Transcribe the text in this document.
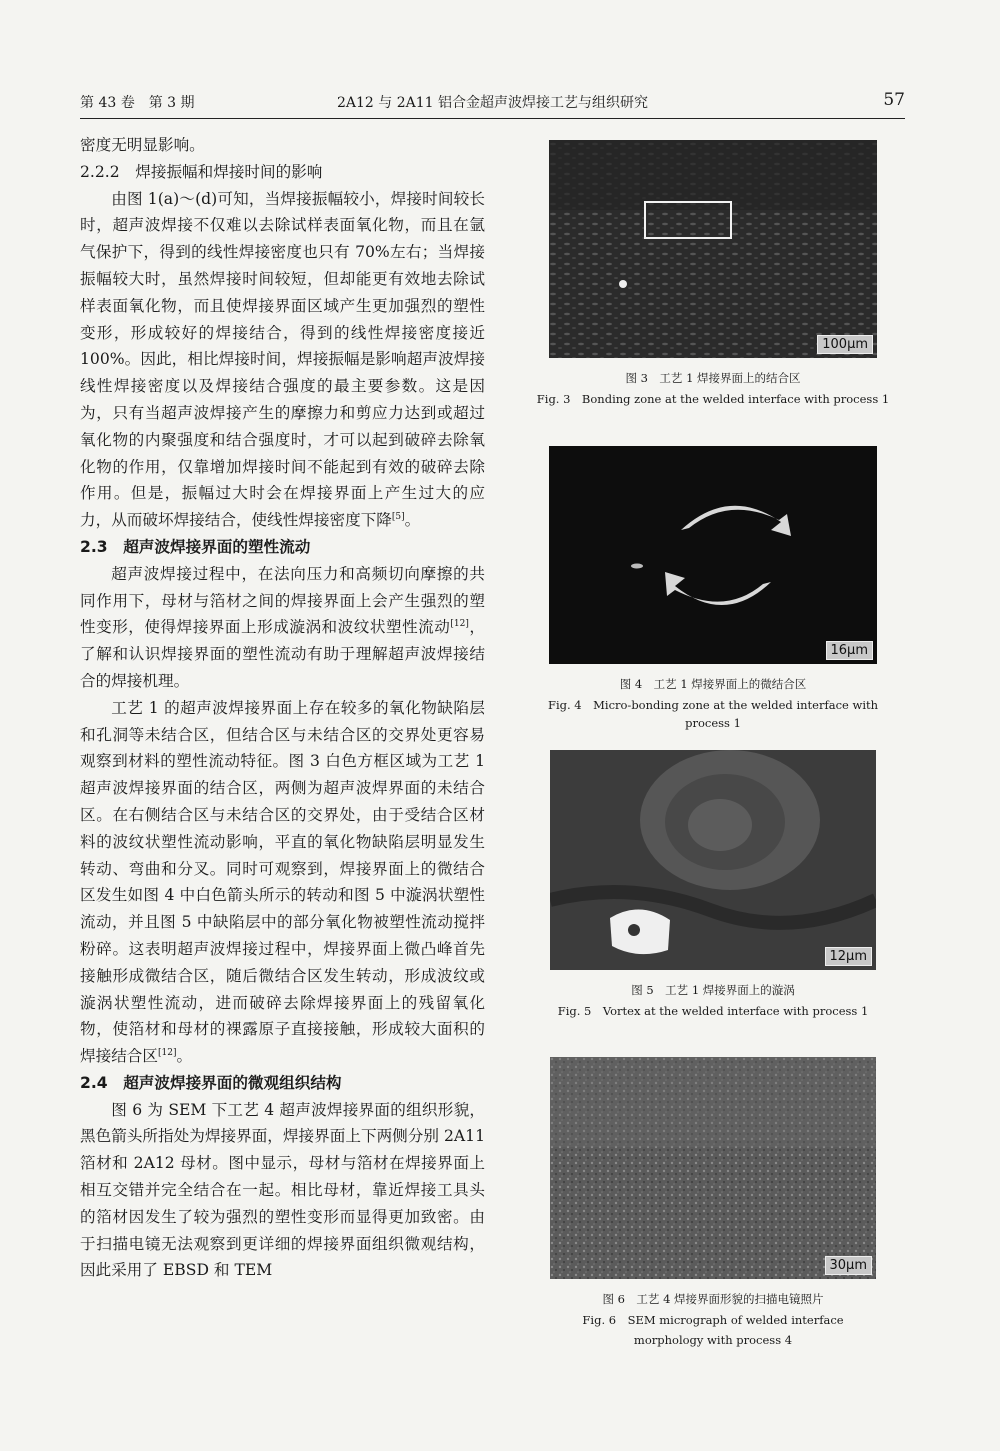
第 43 卷　第 3 期	2A12 与 2A11 铝合金超声波焊接工艺与组织研究	57

密度无明显影响。

2.2.2　焊接振幅和焊接时间的影响

由图 1(a)～(d)可知，当焊接振幅较小，焊接时间较长时，超声波焊接不仅难以去除试样表面氧化物，而且在氩气保护下，得到的线性焊接密度也只有 70%左右；当焊接振幅较大时，虽然焊接时间较短，但却能更有效地去除试样表面氧化物，而且使焊接界面区域产生更加强烈的塑性变形，形成较好的焊接结合，得到的线性焊接密度接近 100%。因此，相比焊接时间，焊接振幅是影响超声波焊接线性焊接密度以及焊接结合强度的最主要参数。这是因为，只有当超声波焊接产生的摩擦力和剪应力达到或超过氧化物的内聚强度和结合强度时，才可以起到破碎去除氧化物的作用，仅靠增加焊接时间不能起到有效的破碎去除作用。但是，振幅过大时会在焊接界面上产生过大的应力，从而破坏焊接结合，使线性焊接密度下降[5]。

2.3　超声波焊接界面的塑性流动

超声波焊接过程中，在法向压力和高频切向摩擦的共同作用下，母材与箔材之间的焊接界面上会产生强烈的塑性变形，使得焊接界面上形成漩涡和波纹状塑性流动[12]，了解和认识焊接界面的塑性流动有助于理解超声波焊接结合的焊接机理。

工艺 1 的超声波焊接界面上存在较多的氧化物缺陷层和孔洞等未结合区，但结合区与未结合区的交界处更容易观察到材料的塑性流动特征。图 3 白色方框区域为工艺 1 超声波焊接界面的结合区，两侧为超声波焊界面的未结合区。在右侧结合区与未结合区的交界处，由于受结合区材料的波纹状塑性流动影响，平直的氧化物缺陷层明显发生转动、弯曲和分叉。同时可观察到，焊接界面上的微结合区发生如图 4 中白色箭头所示的转动和图 5 中漩涡状塑性流动，并且图 5 中缺陷层中的部分氧化物被塑性流动搅拌粉碎。这表明超声波焊接过程中，焊接界面上微凸峰首先接触形成微结合区，随后微结合区发生转动，形成波纹或漩涡状塑性流动，进而破碎去除焊接界面上的残留氧化物，使箔材和母材的裸露原子直接接触，形成较大面积的焊接结合区[12]。

2.4　超声波焊接界面的微观组织结构

图 6 为 SEM 下工艺 4 超声波焊接界面的组织形貌，黑色箭头所指处为焊接界面，焊接界面上下两侧分别 2A11 箔材和 2A12 母材。图中显示，母材与箔材在焊接界面上相互交错并完全结合在一起。相比母材，靠近焊接工具头的箔材因发生了较为强烈的塑性变形而显得更加致密。由于扫描电镜无法观察到更详细的焊接界面组织微观结构，因此采用了 EBSD 和 TEM

100μm
图 3　工艺 1 焊接界面上的结合区
Fig. 3　Bonding zone at the welded interface with process 1
16μm
图 4　工艺 1 焊接界面上的微结合区
Fig. 4　Micro-bonding zone at the welded interface with process 1
12μm
图 5　工艺 1 焊接界面上的漩涡
Fig. 5　Vortex at the welded interface with process 1
30μm
图 6　工艺 4 焊接界面形貌的扫描电镜照片
Fig. 6　SEM micrograph of welded interface
morphology with process 4
